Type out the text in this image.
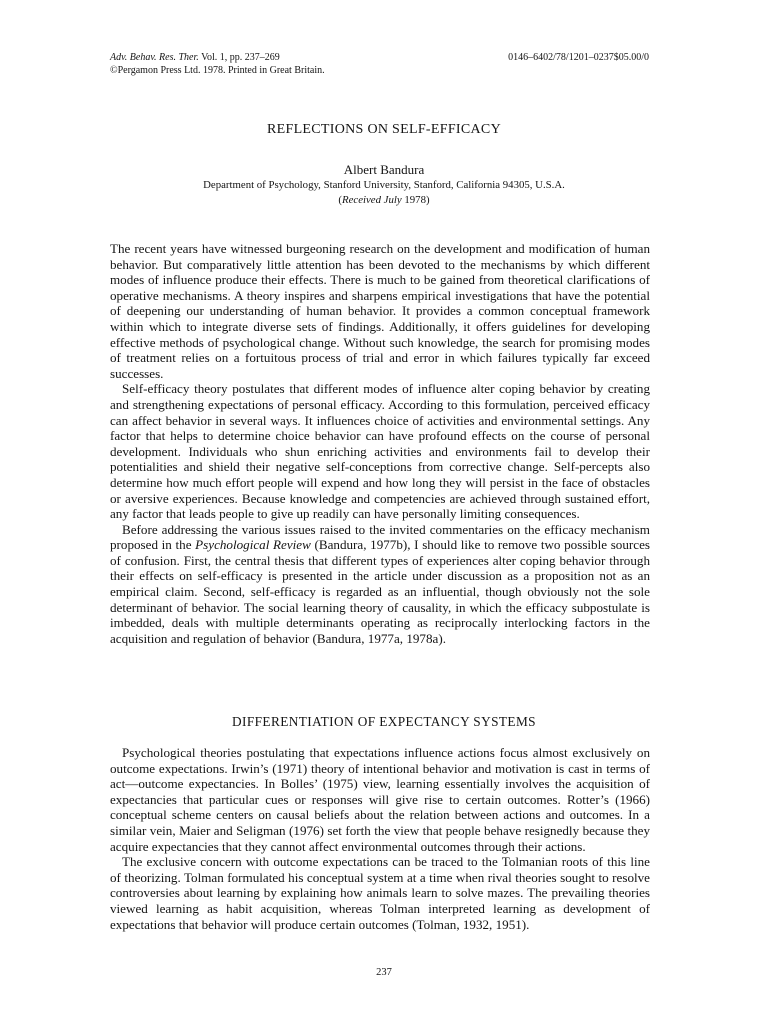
Adv. Behav. Res. Ther. Vol. 1, pp. 237–269
©Pergamon Press Ltd. 1978. Printed in Great Britain.
0146–6402/78/1201–0237$05.00/0
REFLECTIONS ON SELF-EFFICACY
Albert Bandura
Department of Psychology, Stanford University, Stanford, California 94305, U.S.A.
(Received July 1978)

The recent years have witnessed burgeoning research on the development and modification of human behavior. But comparatively little attention has been devoted to the mechanisms by which different modes of influence produce their effects. There is much to be gained from theoretical clarifications of operative mechanisms. A theory inspires and sharpens empirical investigations that have the potential of deepening our understanding of human behavior. It provides a common conceptual framework within which to integrate diverse sets of findings. Additionally, it offers guidelines for developing effective methods of psychological change. Without such knowledge, the search for promising modes of treatment relies on a fortuitous process of trial and error in which failures typically far exceed successes.

Self-efficacy theory postulates that different modes of influence alter coping behavior by creating and strengthening expectations of personal efficacy. According to this formulation, perceived efficacy can affect behavior in several ways. It influences choice of activities and environmental settings. Any factor that helps to determine choice behavior can have profound effects on the course of personal development. Individuals who shun enriching activities and environments fail to develop their potentialities and shield their negative self-conceptions from corrective change. Self-percepts also determine how much effort people will expend and how long they will persist in the face of obstacles or aversive experiences. Because knowledge and competencies are achieved through sustained effort, any factor that leads people to give up readily can have personally limiting consequences.

Before addressing the various issues raised to the invited commentaries on the efficacy mechanism proposed in the Psychological Review (Bandura, 1977b), I should like to remove two possible sources of confusion. First, the central thesis that different types of experiences alter coping behavior through their effects on self-efficacy is presented in the article under discussion as a proposition not as an empirical claim. Second, self-efficacy is regarded as an influential, though obviously not the sole determinant of behavior. The social learning theory of causality, in which the efficacy subpostulate is imbedded, deals with multiple determinants operating as reciprocally interlocking factors in the acquisition and regulation of behavior (Bandura, 1977a, 1978a).

DIFFERENTIATION OF EXPECTANCY SYSTEMS

Psychological theories postulating that expectations influence actions focus almost exclusively on outcome expectations. Irwin’s (1971) theory of intentional behavior and motivation is cast in terms of act—outcome expectancies. In Bolles’ (1975) view, learning essentially involves the acquisition of expectancies that particular cues or responses will give rise to certain outcomes. Rotter’s (1966) conceptual scheme centers on causal beliefs about the relation between actions and outcomes. In a similar vein, Maier and Seligman (1976) set forth the view that people behave resignedly because they acquire expectancies that they cannot affect environmental outcomes through their actions.

The exclusive concern with outcome expectations can be traced to the Tolmanian roots of this line of theorizing. Tolman formulated his conceptual system at a time when rival theories sought to resolve controversies about learning by explaining how animals learn to solve mazes. The prevailing theories viewed learning as habit acquisition, whereas Tolman interpreted learning as development of expectations that behavior will produce certain outcomes (Tolman, 1932, 1951).

237
